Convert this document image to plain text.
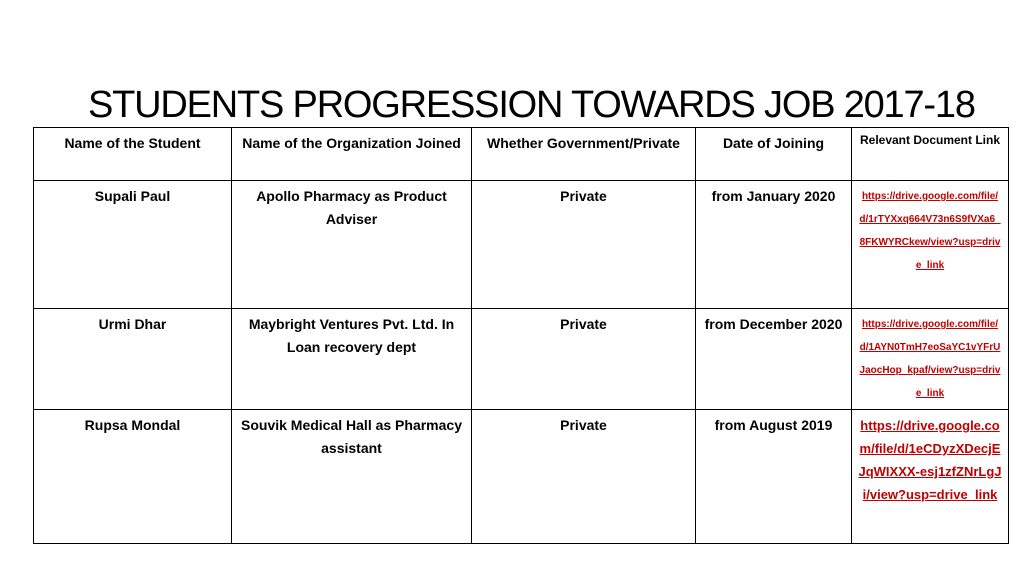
STUDENTS PROGRESSION TOWARDS JOB 2017-18
Name of the Student	Name of the Organization Joined	Whether Government/Private	Date of Joining	Relevant Document Link
Supali Paul	Apollo Pharmacy as Product Adviser	Private	from January 2020	https://drive.google.com/file/d/1rTYXxq664V73n6S9fVXa6_8FKWYRCkew/view?usp=drive_link
Urmi Dhar	Maybright Ventures Pvt. Ltd. In Loan recovery dept	Private	from December 2020	https://drive.google.com/file/d/1AYN0TmH7eoSaYC1vYFrUJaocHop_kpaf/view?usp=drive_link
Rupsa Mondal	Souvik Medical Hall as Pharmacy assistant	Private	from August 2019	https://drive.google.com/file/d/1eCDyzXDecjEJqWIXXX-esj1zfZNrLgJi/view?usp=drive_link
